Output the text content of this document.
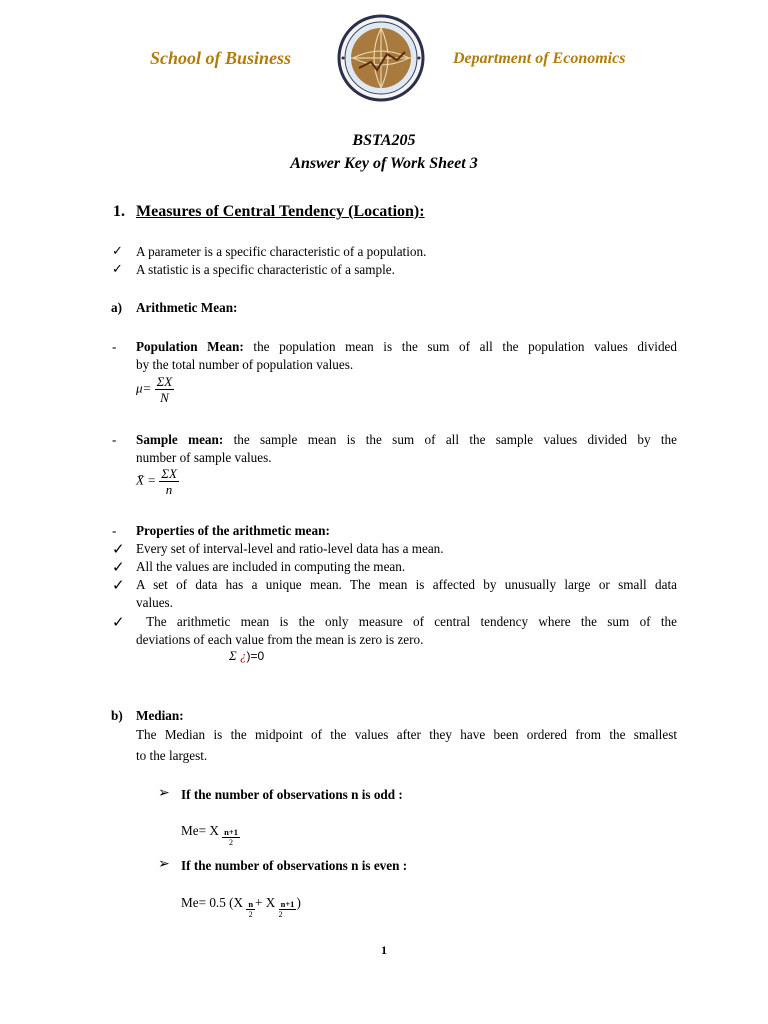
School of Business	Department of Economics
BSTA205
Answer Key of Work Sheet 3
1. Measures of Central Tendency (Location):
✓ A parameter is a specific characteristic of a population.
✓ A statistic is a specific characteristic of a sample.
a) Arithmetic Mean:
- Population Mean: the population mean is the sum of all the population values divided
by the total number of population values.
$\mu= \frac{\Sigma X}{N}$
- Sample mean: the sample mean is the sum of all the sample values divided by the
number of sample values.
X̄ = $\frac{\Sigma X}{n}$
- Properties of the arithmetic mean:
✓ Every set of interval-level and ratio-level data has a mean.
✓ All the values are included in computing the mean.
✓ A set of data has a unique mean. The mean is affected by unusually large or small data
values.
✓ The arithmetic mean is the only measure of central tendency where the sum of the
deviations of each value from the mean is zero is zero.
Σ ¿)=0
b) Median:
The Median is the midpoint of the values after they have been ordered from the smallest
to the largest.
➢ If the number of observations n is odd :
Me= X $\frac{n+1}{2}$
➢ If the number of observations n is even :
Me= 0.5 ($X \frac{n}{2} + X \frac{n+1}{2}$ )
1
